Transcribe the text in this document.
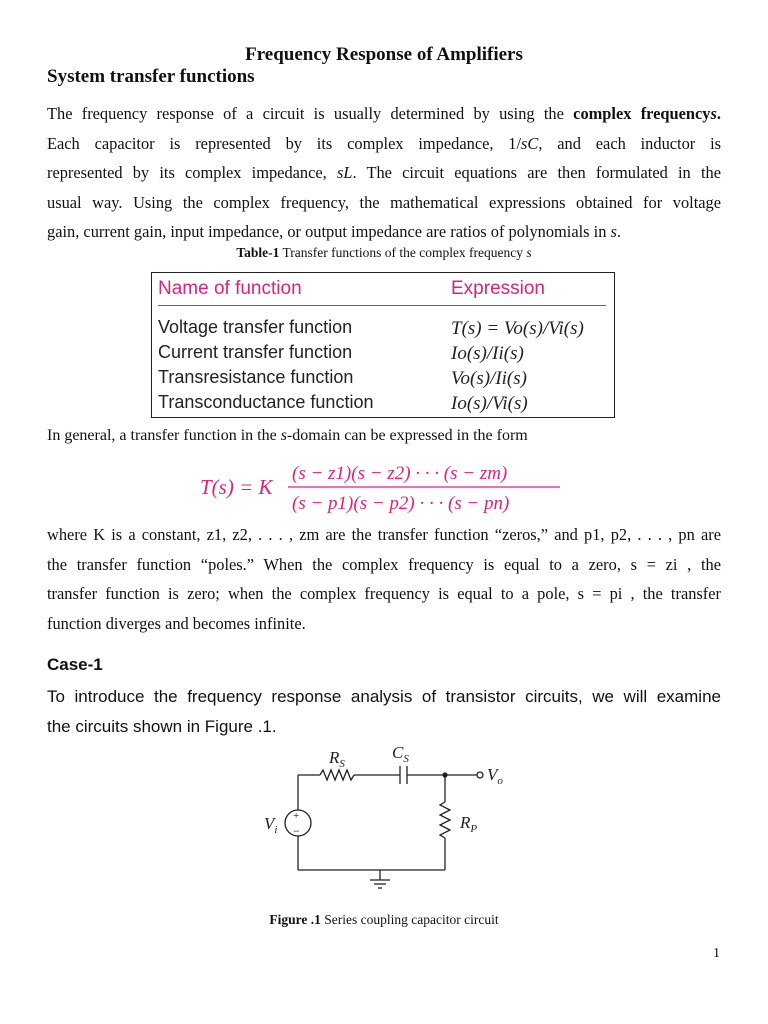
Frequency Response of Amplifiers
System transfer functions
The frequency response of a circuit is usually determined by using the complex frequencys.
Each capacitor is represented by its complex impedance, 1/sC, and each inductor is
represented by its complex impedance, sL. The circuit equations are then formulated in the
usual way. Using the complex frequency, the mathematical expressions obtained for voltage
gain, current gain, input impedance, or output impedance are ratios of polynomials in s.
Table-1 Transfer functions of the complex frequency s
Name of function	Expression
Voltage transfer function
Current transfer function
Transresistance function
Transconductance function
T(s) = Vo(s)/Vi(s)
Io(s)/Ii(s)
Vo(s)/Ii(s)
Io(s)/Vi(s)
In general, a transfer function in the s-domain can be expressed in the form
T(s) = K
(s − z1)(s − z2) · · · (s − zm)
(s − p1)(s − p2) · · · (s − pn)
where K is a constant, z1, z2, . . . , zm are the transfer function “zeros,” and p1, p2, . . . , pn are
the transfer function “poles.” When the complex frequency is equal to a zero, s = zi , the
transfer function is zero; when the complex frequency is equal to a pole, s = pi , the transfer
function diverges and becomes infinite.
Case-1
To introduce the frequency response analysis of transistor circuits, we will examine
the circuits shown in Figure .1.
+
−
$R_S$
$C_S$
$V_o$
$V_i$	$R_P$
Figure .1 Series coupling capacitor circuit
1
